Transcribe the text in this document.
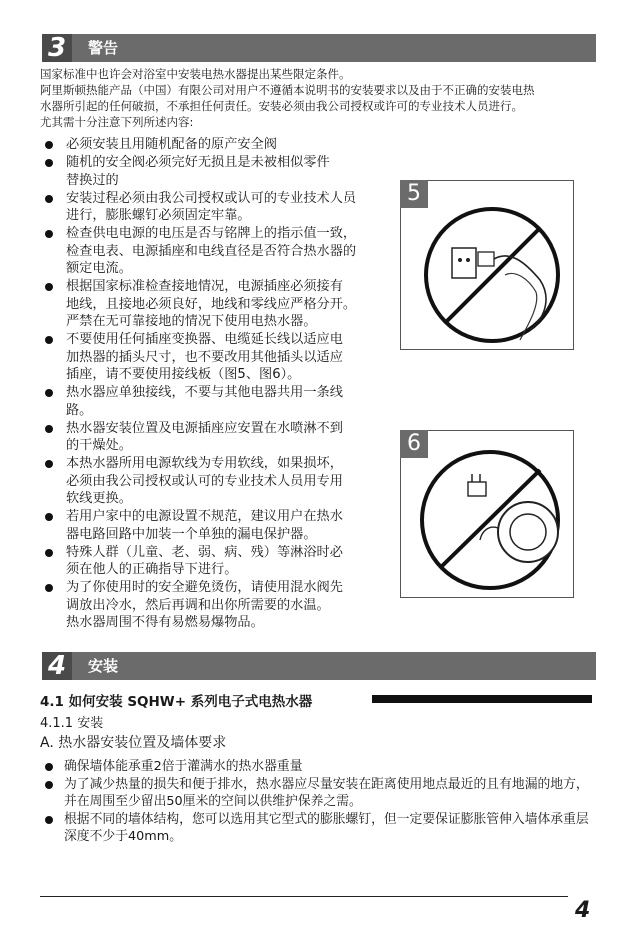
3	警告
国家标准中也许会对浴室中安装电热水器提出某些限定条件。
阿里斯顿热能产品（中国）有限公司对用户不遵循本说明书的安装要求以及由于不正确的安装电热
水器所引起的任何破损，不承担任何责任。安装必须由我公司授权或许可的专业技术人员进行。
尤其需十分注意下列所述内容:
必须安装且用随机配备的原产安全阀
随机的安全阀必须完好无损且是未被相似零件
替换过的
安装过程必须由我公司授权或认可的专业技术人员
进行，膨胀螺钉必须固定牢靠。
检查供电电源的电压是否与铭牌上的指示值一致，
检查电表、电源插座和电线直径是否符合热水器的
额定电流。
根据国家标准检查接地情况，电源插座必须接有
地线，且接地必须良好，地线和零线应严格分开。
严禁在无可靠接地的情况下使用电热水器。
不要使用任何插座变换器、电缆延长线以适应电
加热器的插头尺寸，也不要改用其他插头以适应
插座，请不要使用接线板（图5、图6）。
热水器应单独接线，不要与其他电器共用一条线
路。
热水器安装位置及电源插座应安置在水喷淋不到
的干燥处。
本热水器所用电源软线为专用软线，如果损坏，
必须由我公司授权或认可的专业技术人员用专用
软线更换。
若用户家中的电源设置不规范，建议用户在热水
器电路回路中加装一个单独的漏电保护器。
特殊人群（儿童、老、弱、病、残）等淋浴时必
须在他人的正确指导下进行。
为了你使用时的安全避免烫伤，请使用混水阀先
调放出冷水，然后再调和出你所需要的水温。
热水器周围不得有易燃易爆物品。
5
6
4	安装
4.1 如何安装 SQHW+ 系列电子式电热水器
4.1.1 安装
A. 热水器安装位置及墙体要求
确保墙体能承重2倍于灌满水的热水器重量
为了减少热量的损失和便于排水，热水器应尽量安装在距离使用地点最近的且有地漏的地方，并在周围至少留出50厘米的空间以供维护保养之需。
根据不同的墙体结构，您可以选用其它型式的膨胀螺钉，但一定要保证膨胀管伸入墙体承重层深度不少于40mm。
4
